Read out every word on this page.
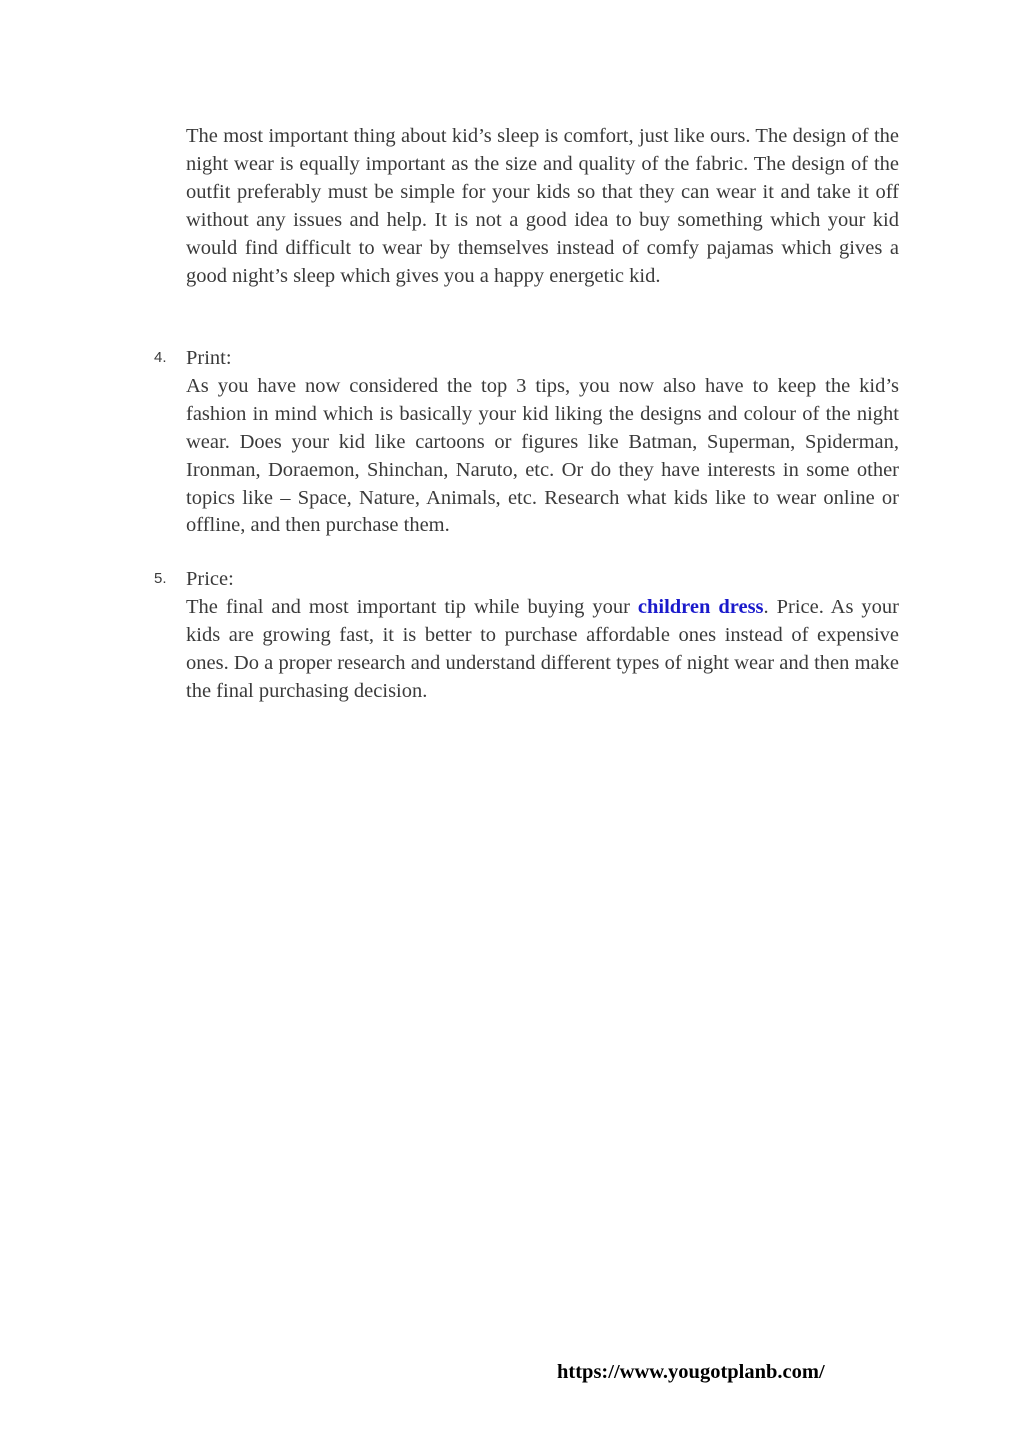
The most important thing about kid’s sleep is comfort, just like ours. The design of the night wear is equally important as the size and quality of the fabric. The design of the outfit preferably must be simple for your kids so that they can wear it and take it off without any issues and help. It is not a good idea to buy something which your kid would find difficult to wear by themselves instead of comfy pajamas which gives a good night’s sleep which gives you a happy energetic kid.

4. Print:
As you have now considered the top 3 tips, you now also have to keep the kid’s fashion in mind which is basically your kid liking the designs and colour of the night wear. Does your kid like cartoons or figures like Batman, Superman, Spiderman, Ironman, Doraemon, Shinchan, Naruto, etc. Or do they have interests in some other topics like – Space, Nature, Animals, etc. Research what kids like to wear online or offline, and then purchase them.
5. Price:
The final and most important tip while buying your children dress. Price. As your kids are growing fast, it is better to purchase affordable ones instead of expensive ones. Do a proper research and understand different types of night wear and then make the final purchasing decision.
https://www.yougotplanb.com/
